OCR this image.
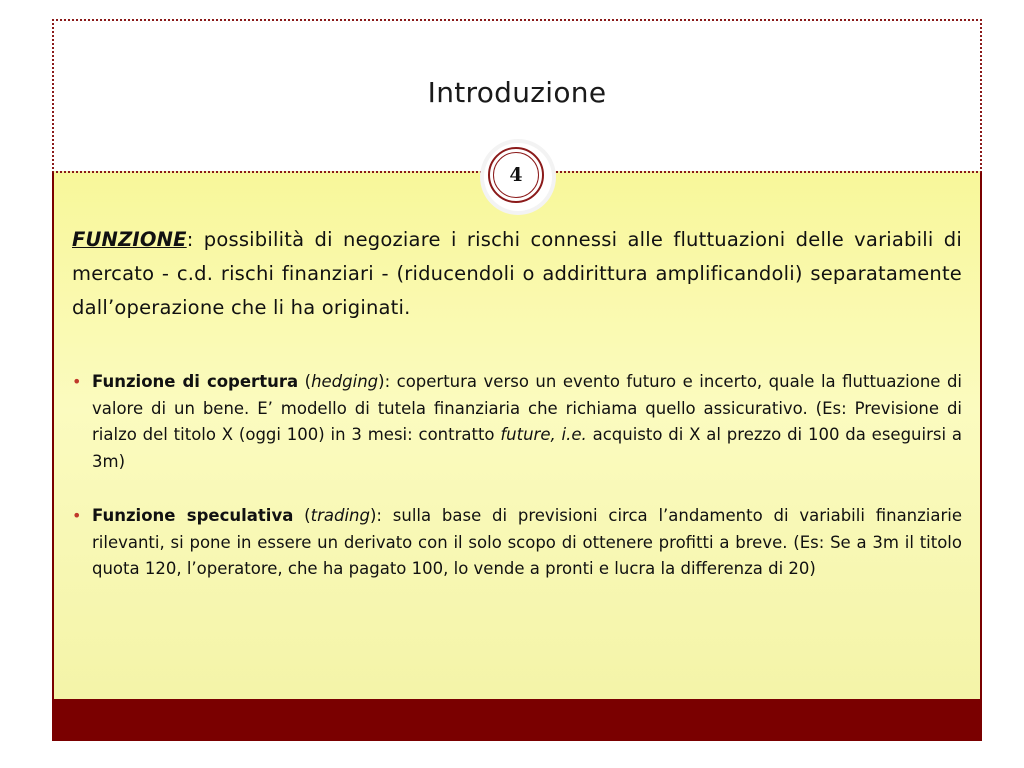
Introduzione

FUNZIONE: possibilità di negoziare i rischi connessi alle fluttuazioni delle variabili di mercato - c.d. rischi finanziari - (riducendoli o addirittura amplificandoli) separatamente dall’operazione che li ha originati.

• Funzione di copertura (hedging): copertura verso un evento futuro e incerto, quale la fluttuazione di valore di un bene. E’ modello di tutela finanziaria che richiama quello assicurativo. (Es: Previsione di rialzo del titolo X (oggi 100) in 3 mesi: contratto future, i.e. acquisto di X al prezzo di 100 da eseguirsi a 3m)
• Funzione speculativa (trading): sulla base di previsioni circa l’andamento di variabili finanziarie rilevanti, si pone in essere un derivato con il solo scopo di ottenere profitti a breve. (Es: Se a 3m il titolo quota 120, l’operatore, che ha pagato 100, lo vende a pronti e lucra la differenza di 20)
4
